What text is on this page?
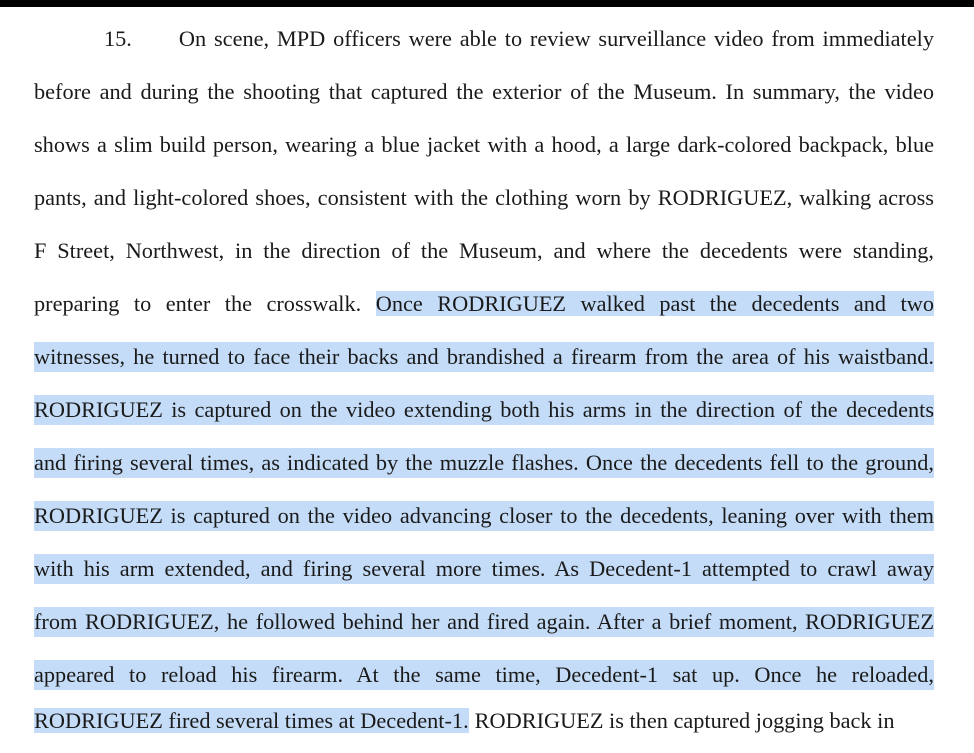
15. On scene, MPD officers were able to review surveillance video from immediately
before and during the shooting that captured the exterior of the Museum. In summary, the video
shows a slim build person, wearing a blue jacket with a hood, a large dark-colored backpack, blue
pants, and light-colored shoes, consistent with the clothing worn by RODRIGUEZ, walking across
F Street, Northwest, in the direction of the Museum, and where the decedents were standing,
preparing to enter the crosswalk. Once RODRIGUEZ walked past the decedents and two
witnesses, he turned to face their backs and brandished a firearm from the area of his waistband.
RODRIGUEZ is captured on the video extending both his arms in the direction of the decedents
and firing several times, as indicated by the muzzle flashes. Once the decedents fell to the ground,
RODRIGUEZ is captured on the video advancing closer to the decedents, leaning over with them
with his arm extended, and firing several more times. As Decedent-1 attempted to crawl away
from RODRIGUEZ, he followed behind her and fired again. After a brief moment, RODRIGUEZ
appeared to reload his firearm. At the same time, Decedent-1 sat up. Once he reloaded,
RODRIGUEZ fired several times at Decedent-1. RODRIGUEZ is then captured jogging back in
